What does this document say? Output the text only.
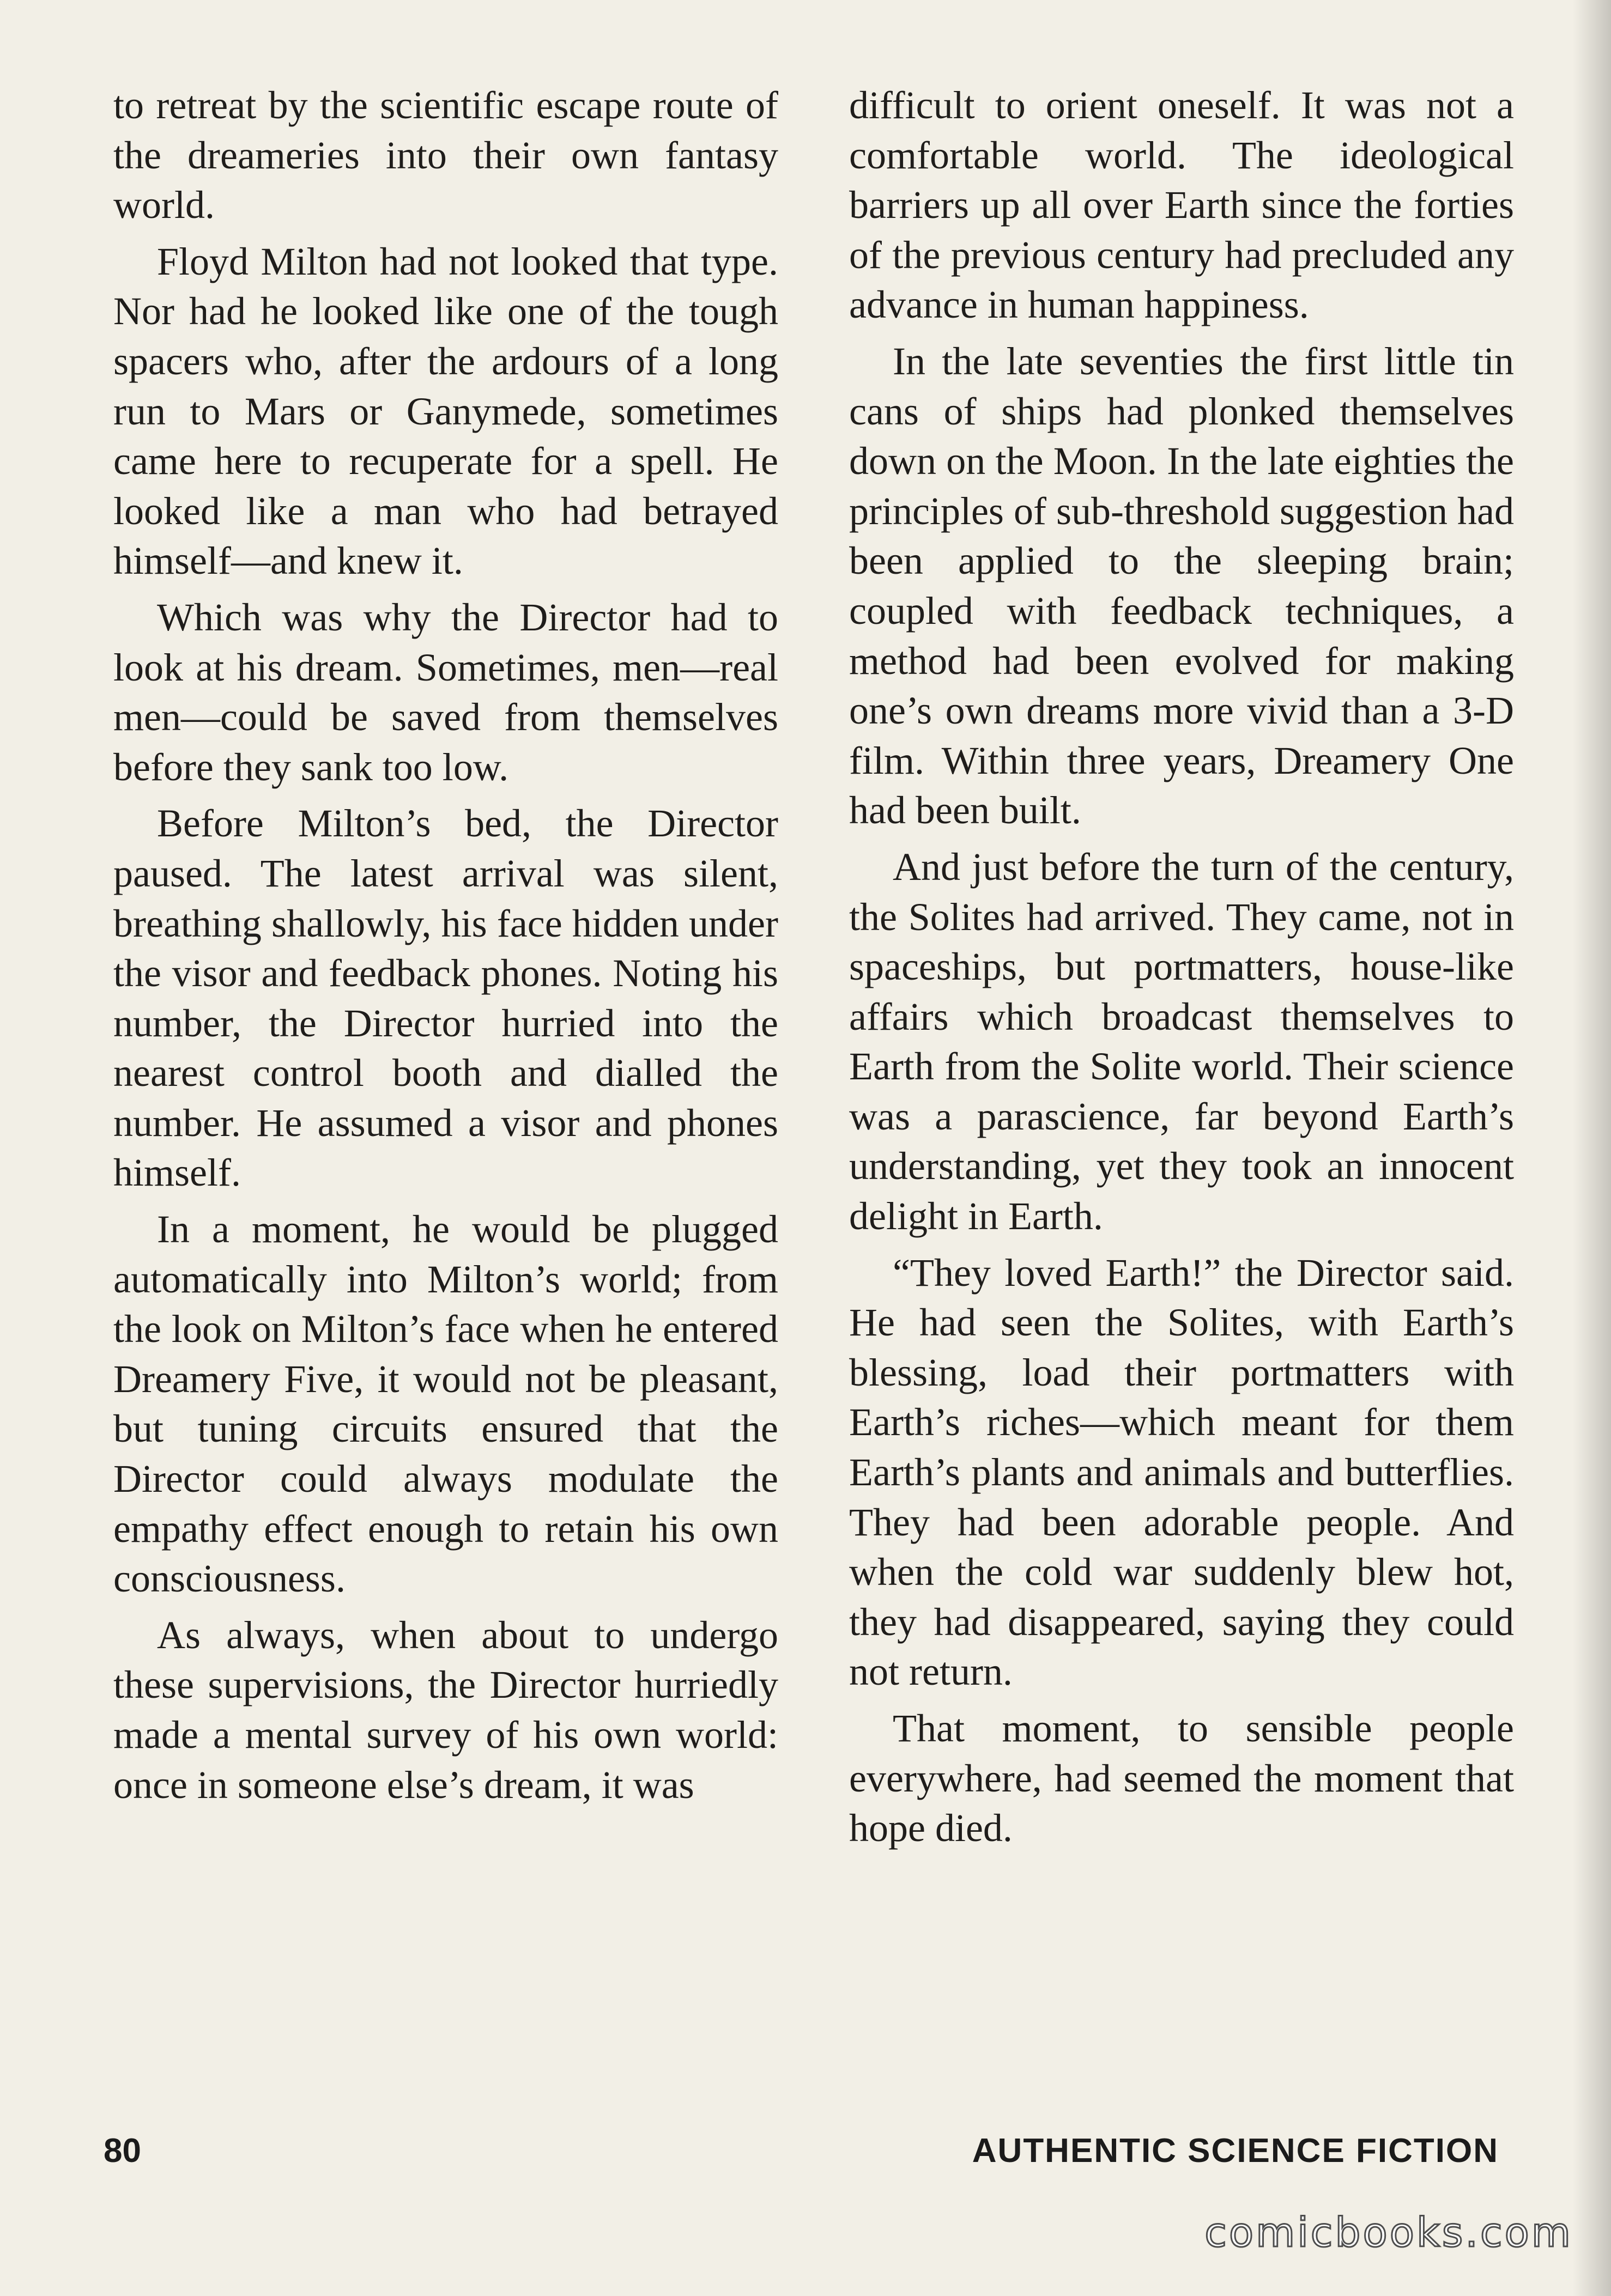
to retreat by the scientific escape route of the dreameries into their own fantasy world.

Floyd Milton had not looked that type. Nor had he looked like one of the tough spacers who, after the ardours of a long run to Mars or Ganymede, sometimes came here to recuperate for a spell. He looked like a man who had betrayed himself—and knew it.

Which was why the Director had to look at his dream. Sometimes, men—real men—could be saved from themselves before they sank too low.

Before Milton’s bed, the Director paused. The latest arrival was silent, breathing shallowly, his face hidden under the visor and feedback phones. Noting his number, the Director hurried into the nearest control booth and dialled the number. He assumed a visor and phones himself.

In a moment, he would be plugged automatically into Milton’s world; from the look on Milton’s face when he entered Dreamery Five, it would not be pleasant, but tuning circuits ensured that the Director could always modulate the empathy effect enough to retain his own consciousness.

As always, when about to undergo these supervisions, the Director hurriedly made a mental survey of his own world: once in someone else’s dream, it was

difficult to orient oneself. It was not a comfortable world. The ideological barriers up all over Earth since the forties of the previous century had precluded any advance in human happiness.

In the late seventies the first little tin cans of ships had plonked themselves down on the Moon. In the late eighties the principles of sub-threshold suggestion had been applied to the sleeping brain; coupled with feedback techniques, a method had been evolved for making one’s own dreams more vivid than a 3-D film. Within three years, Dreamery One had been built.

And just before the turn of the century, the Solites had arrived. They came, not in spaceships, but portmatters, house-like affairs which broadcast themselves to Earth from the Solite world. Their science was a parascience, far beyond Earth’s understanding, yet they took an innocent delight in Earth.

“They loved Earth!” the Director said. He had seen the Solites, with Earth’s blessing, load their portmatters with Earth’s riches—which meant for them Earth’s plants and animals and butterflies. They had been adorable people. And when the cold war suddenly blew hot, they had disappeared, saying they could not return.

That moment, to sensible people everywhere, had seemed the moment that hope died.

80	AUTHENTIC SCIENCE FICTION
comicbooks.com
